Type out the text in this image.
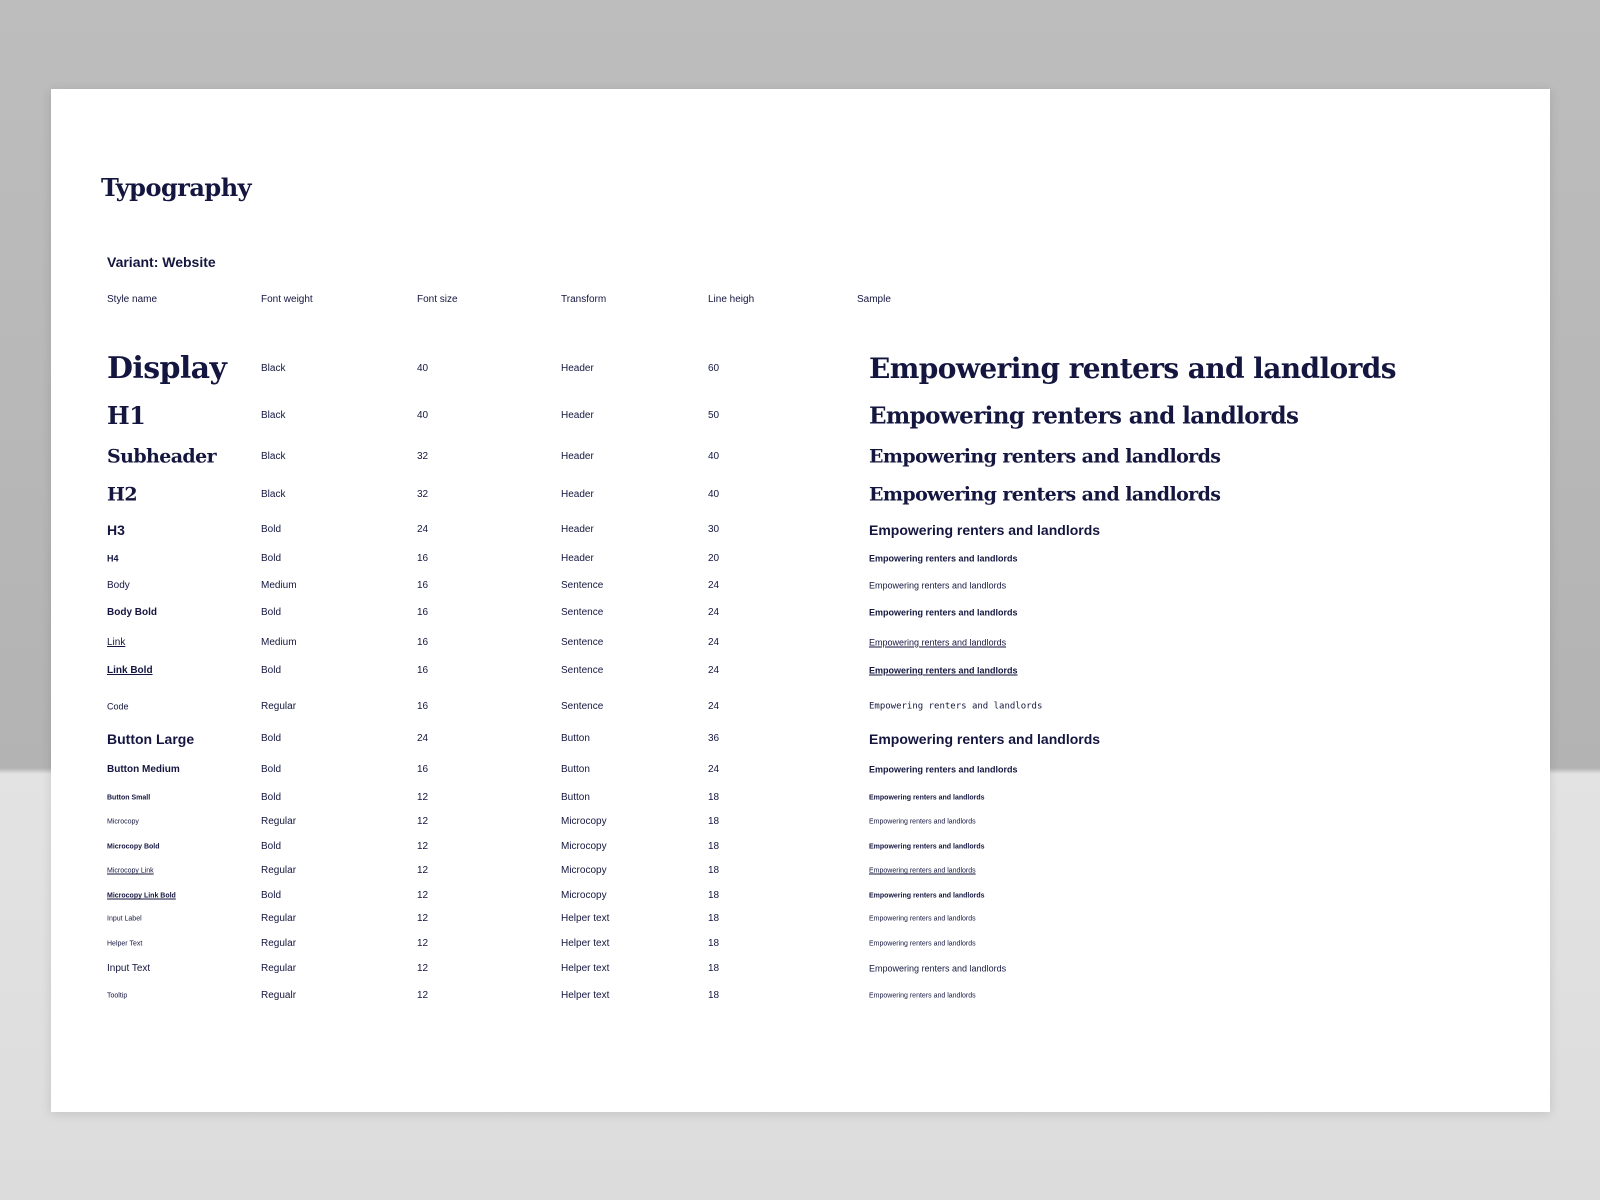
Typography
Variant: Website
Style name	Font weight	Font size	Transform	Line heigh	Sample
Display	Black	40	Header	60	Empowering renters and landlords
H1	Black	40	Header	50	Empowering renters and landlords
Subheader	Black	32	Header	40	Empowering renters and landlords
H2	Black	32	Header	40	Empowering renters and landlords
H3	Bold	24	Header	30	Empowering renters and landlords
H4	Bold	16	Header	20	Empowering renters and landlords
Body	Medium	16	Sentence	24	Empowering renters and landlords
Body Bold	Bold	16	Sentence	24	Empowering renters and landlords
Link	Medium	16	Sentence	24	Empowering renters and landlords
Link Bold	Bold	16	Sentence	24	Empowering renters and landlords
Code	Regular	16	Sentence	24	Empowering renters and landlords
Button Large	Bold	24	Button	36	Empowering renters and landlords
Button Medium	Bold	16	Button	24	Empowering renters and landlords
Button Small	Bold	12	Button	18	Empowering renters and landlords
Microcopy	Regular	12	Microcopy	18	Empowering renters and landlords
Microcopy Bold	Bold	12	Microcopy	18	Empowering renters and landlords
Microcopy Link	Regular	12	Microcopy	18	Empowering renters and landlords
Microcopy Link Bold	Bold	12	Microcopy	18	Empowering renters and landlords
Input Label	Regular	12	Helper text	18	Empowering renters and landlords
Helper Text	Regular	12	Helper text	18	Empowering renters and landlords
Input Text	Regular	12	Helper text	18	Empowering renters and landlords
Tooltip	Regualr	12	Helper text	18	Empowering renters and landlords
